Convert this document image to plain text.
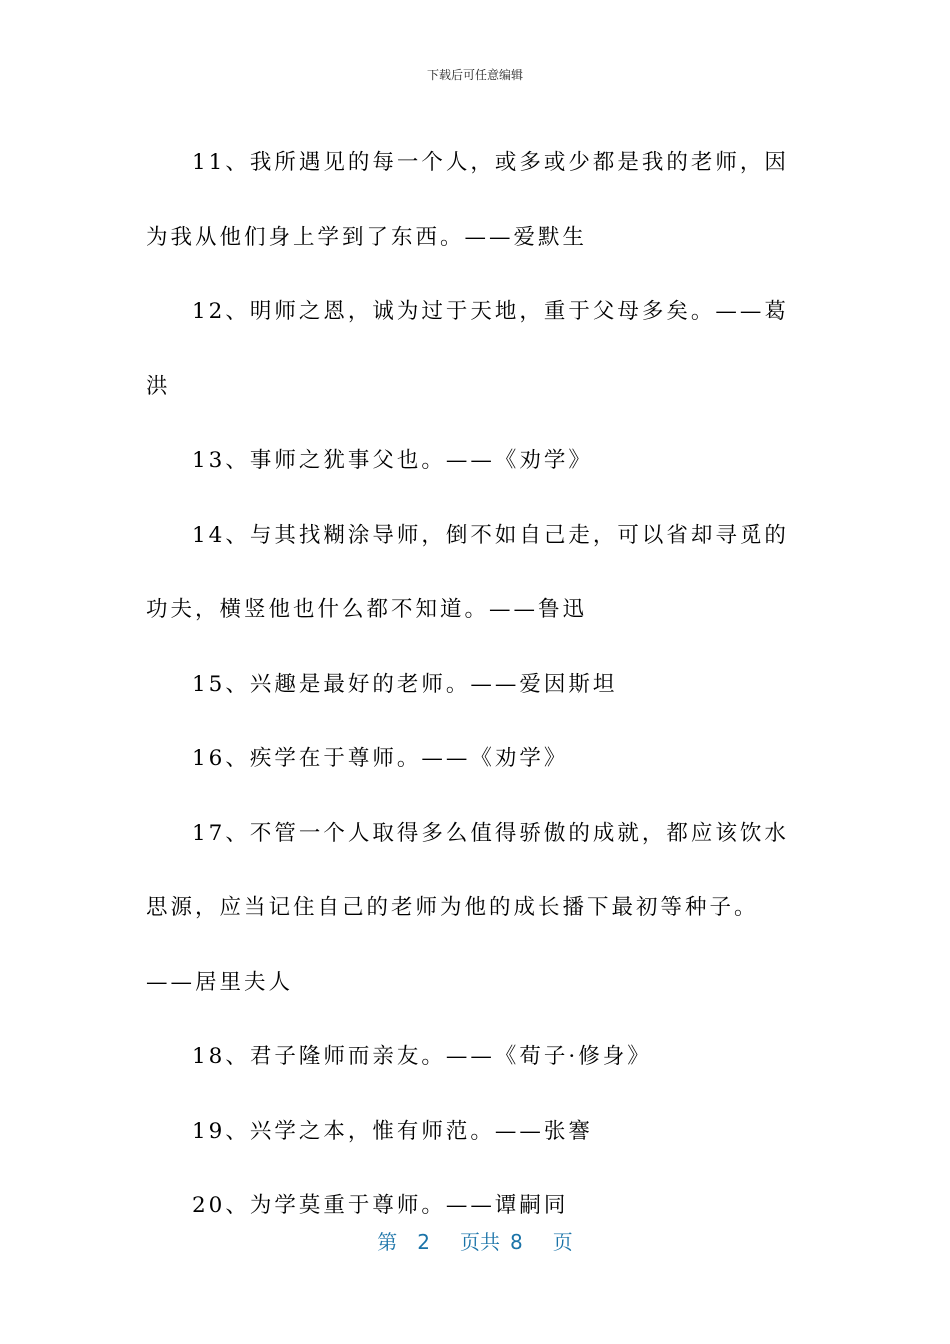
下载后可任意编辑

11、我所遇见的每一个人，或多或少都是我的老师，因为我从他们身上学到了东西。——爱默生

12、明师之恩，诚为过于天地，重于父母多矣。——葛洪

13、事师之犹事父也。——《劝学》

14、与其找糊涂导师，倒不如自己走，可以省却寻觅的功夫，横竖他也什么都不知道。——鲁迅

15、兴趣是最好的老师。——爱因斯坦

16、疾学在于尊师。——《劝学》

17、不管一个人取得多么值得骄傲的成就，都应该饮水思源，应当记住自己的老师为他的成长播下最初等种子。——居里夫人

18、君子隆师而亲友。——《荀子·修身》

19、兴学之本，惟有师范。——张謇

20、为学莫重于尊师。——谭嗣同

第 2 页共 8 页
